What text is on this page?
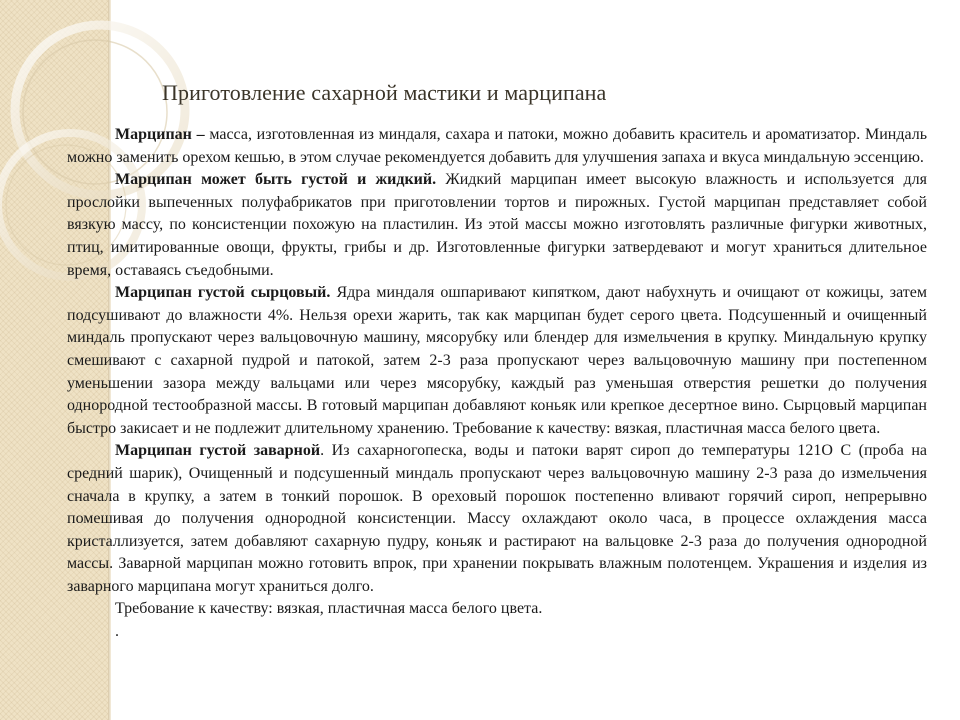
Приготовление сахарной мастики и марципана

Марципан – масса, изготовленная из миндаля, сахара и патоки, можно добавить краситель и ароматизатор. Миндаль можно заменить орехом кешью, в этом случае рекомендуется добавить для улучшения запаха и вкуса миндальную эссенцию.

Марципан может быть густой и жидкий. Жидкий марципан имеет высокую влажность и используется для прослойки выпеченных полуфабрикатов при приготовлении тортов и пирожных. Густой марципан представляет собой вязкую массу, по консистенции похожую на пластилин. Из этой массы можно изготовлять различные фигурки животных, птиц, имитированные овощи, фрукты, грибы и др. Изготовленные фигурки затвердевают и могут храниться длительное время, оставаясь съедобными.

Марципан густой сырцовый. Ядра миндаля ошпаривают кипятком, дают набухнуть и очищают от кожицы, затем подсушивают до влажности 4%. Нельзя орехи жарить, так как марципан будет серого цвета. Подсушенный и очищенный миндаль пропускают через вальцовочную машину, мясорубку или блендер для измельчения в крупку. Миндальную крупку смешивают с сахарной пудрой и патокой, затем 2-3 раза пропускают через вальцовочную машину при постепенном уменьшении зазора между вальцами или через мясорубку, каждый раз уменьшая отверстия решетки до получения однородной тестообразной массы. В готовый марципан добавляют коньяк или крепкое десертное вино. Сырцовый марципан быстро закисает и не подлежит длительному хранению. Требование к качеству: вязкая, пластичная масса белого цвета.

Марципан густой заварной. Из сахарногопеска, воды и патоки варят сироп до температуры 121О С (проба на средний шарик), Очищенный и подсушенный миндаль пропускают через вальцовочную машину 2-3 раза до измельчения сначала в крупку, а затем в тонкий порошок. В ореховый порошок постепенно вливают горячий сироп, непрерывно помешивая до получения однородной консистенции. Массу охлаждают около часа, в процессе охлаждения масса кристаллизуется, затем добавляют сахарную пудру, коньяк и растирают на вальцовке 2-3 раза до получения однородной массы. Заварной марципан можно готовить впрок, при хранении покрывать влажным полотенцем. Украшения и изделия из заварного марципана могут храниться долго.

Требование к качеству: вязкая, пластичная масса белого цвета.

.
